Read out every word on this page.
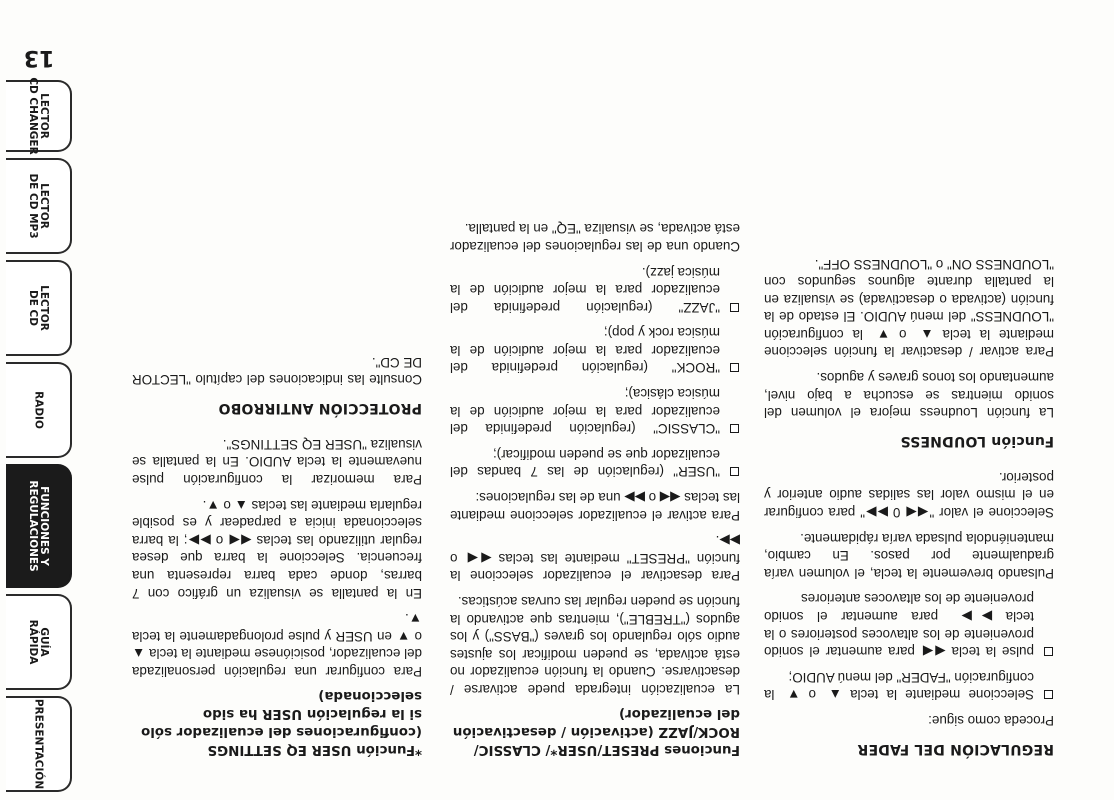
REGULACIÓN DEL FADER

Proceda como sigue:

Seleccione mediante la tecla ▲ o ▼ la configuración "FADER" del menú AUDIO;
pulse la tecla ◀◀ para aumentar el sonido proveniente de los altavoces posteriores o la tecla ▶▶ para aumentar el sonido proveniente de los altavoces anteriores

Pulsando brevemente la tecla, el volumen varía gradualmente por pasos. En cambio, manteniéndola pulsada varía rápidamente.

Seleccione el valor "◀◀ 0 ▶▶" para configurar en el mismo valor las salidas audio anterior y posterior.

Función LOUDNESS

La función Loudness mejora el volumen del sonido mientras se escucha a bajo nivel, aumentando los tonos graves y agudos.

Para activar / desactivar la función seleccione mediante la tecla ▲ o ▼ la configuración "LOUDNESS" del menú AUDIO. El estado de la función (activada o desactivada) se visualiza en la pantalla durante algunos segundos con "LOUDNESS ON" o "LOUDNESS OFF".

Funciones PRESET/USER*/ CLASSIC/ ROCK/JAZZ (activación / desactivación del ecualizador)

La ecualización integrada puede activarse / desactivarse. Cuando la función ecualizador no está activada, se pueden modificar los ajustes audio sólo regulando los graves ("BASS") y los agudos ("TREBLE"), mientras que activando la función se pueden regular las curvas acústicas.

Para desactivar el ecualizador seleccione la función "PRESET" mediante las teclas ◀◀ o ▶▶.

Para activar el ecualizador seleccione mediante las teclas ◀◀ o ▶▶ una de las regulaciones:

"USER" (regulación de las 7 bandas del ecualizador que se pueden modificar);
"CLASSIC" (regulación predefinida del ecualizador para la mejor audición de la música clásica);
"ROCK" (regulación predefinida del ecualizador para la mejor audición de la música rock y pop);
"JAZZ" (regulación predefinida del ecualizador para la mejor audición de la música jazz).

Cuando una de las regulaciones del ecualizador está activada, se visualiza "EQ" en la pantalla.

*Función USER EQ SETTINGS (configuraciones del ecualizador sólo si la regulación USER ha sido seleccionada)

Para configurar una regulación personalizada del ecualizador, posiciónese mediante la tecla ▲ o ▼ en USER y pulse prolongadamente la tecla ▼.

En la pantalla se visualiza un gráfico con 7 barras, donde cada barra representa una frecuencia. Seleccione la barra que desea regular utilizando las teclas ◀◀ o ▶▶; la barra seleccionada inicia a parpadear y es posible regularla mediante las teclas ▲ o ▼.

Para memorizar la configuración pulse nuevamente la tecla AUDIO. En la pantalla se visualiza "USER EQ SETTINGS".

PROTECCIÓN ANTIRROBO

Consulte las indicaciones del capítulo "LECTOR DE CD".

PRESENTACIÓN
GUÍA
RÁPIDA
FUNCIONES Y
REGULACIONES
RADIO
LECTOR
DE CD
LECTOR
DE CD MP3
LECTOR
CD CHANGER
13
